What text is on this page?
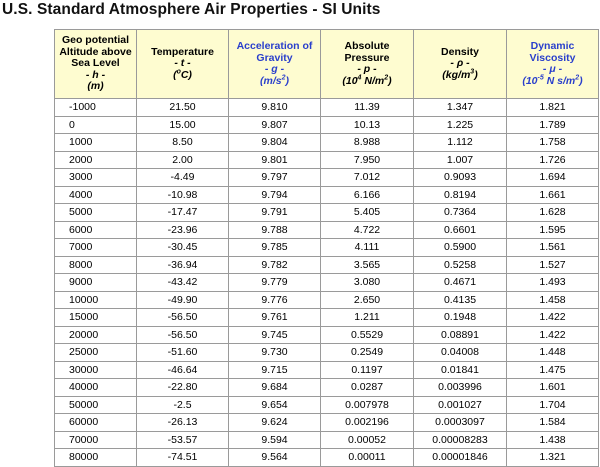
U.S. Standard Atmosphere Air Properties - SI Units
Geo potential
Altitude above
Sea Level
- h -
(m)	Temperature
- t -
($^o$C)	Acceleration of
Gravity
- g -
$(m/s^2)$	Absolute
Pressure
- p -
($10^4$ $N/m^2$)	Density
- ρ -
$(kg/m^3)$	Dynamic
Viscosity
- μ -
($10^{-5}$ N $s/m^2$)

-1000	21.50	9.810	11.39	1.347	1.821
0	15.00	9.807	10.13	1.225	1.789
1000	8.50	9.804	8.988	1.112	1.758
2000	2.00	9.801	7.950	1.007	1.726
3000	-4.49	9.797	7.012	0.9093	1.694
4000	-10.98	9.794	6.166	0.8194	1.661
5000	-17.47	9.791	5.405	0.7364	1.628
6000	-23.96	9.788	4.722	0.6601	1.595
7000	-30.45	9.785	4.111	0.5900	1.561
8000	-36.94	9.782	3.565	0.5258	1.527
9000	-43.42	9.779	3.080	0.4671	1.493
10000	-49.90	9.776	2.650	0.4135	1.458
15000	-56.50	9.761	1.211	0.1948	1.422
20000	-56.50	9.745	0.5529	0.08891	1.422
25000	-51.60	9.730	0.2549	0.04008	1.448
30000	-46.64	9.715	0.1197	0.01841	1.475
40000	-22.80	9.684	0.0287	0.003996	1.601
50000	-2.5	9.654	0.007978	0.001027	1.704
60000	-26.13	9.624	0.002196	0.0003097	1.584
70000	-53.57	9.594	0.00052	0.00008283	1.438
80000	-74.51	9.564	0.00011	0.00001846	1.321
